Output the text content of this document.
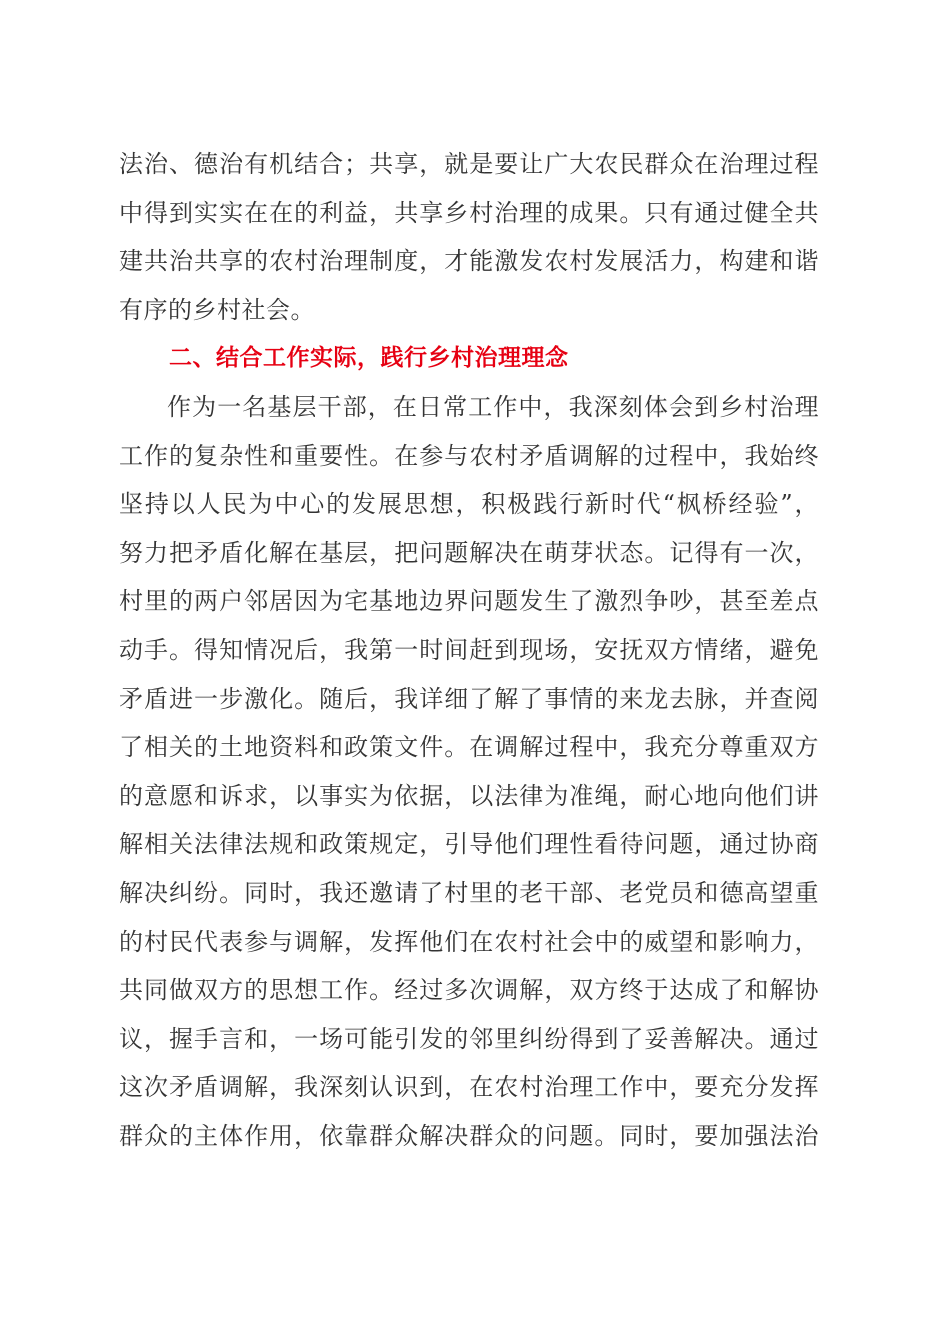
法治、德治有机结合；共享，就是要让广大农民群众在治理过程
中得到实实在在的利益，共享乡村治理的成果。只有通过健全共
建共治共享的农村治理制度，才能激发农村发展活力，构建和谐
有序的乡村社会。
二、结合工作实际，践行乡村治理理念
作为一名基层干部，在日常工作中，我深刻体会到乡村治理
工作的复杂性和重要性。在参与农村矛盾调解的过程中，我始终
坚持以人民为中心的发展思想，积极践行新时代“枫桥经验”，
努力把矛盾化解在基层，把问题解决在萌芽状态。记得有一次，
村里的两户邻居因为宅基地边界问题发生了激烈争吵，甚至差点
动手。得知情况后，我第一时间赶到现场，安抚双方情绪，避免
矛盾进一步激化。随后，我详细了解了事情的来龙去脉，并查阅
了相关的土地资料和政策文件。在调解过程中，我充分尊重双方
的意愿和诉求，以事实为依据，以法律为准绳，耐心地向他们讲
解相关法律法规和政策规定，引导他们理性看待问题，通过协商
解决纠纷。同时，我还邀请了村里的老干部、老党员和德高望重
的村民代表参与调解，发挥他们在农村社会中的威望和影响力，
共同做双方的思想工作。经过多次调解，双方终于达成了和解协
议，握手言和，一场可能引发的邻里纠纷得到了妥善解决。通过
这次矛盾调解，我深刻认识到，在农村治理工作中，要充分发挥
群众的主体作用，依靠群众解决群众的问题。同时，要加强法治
